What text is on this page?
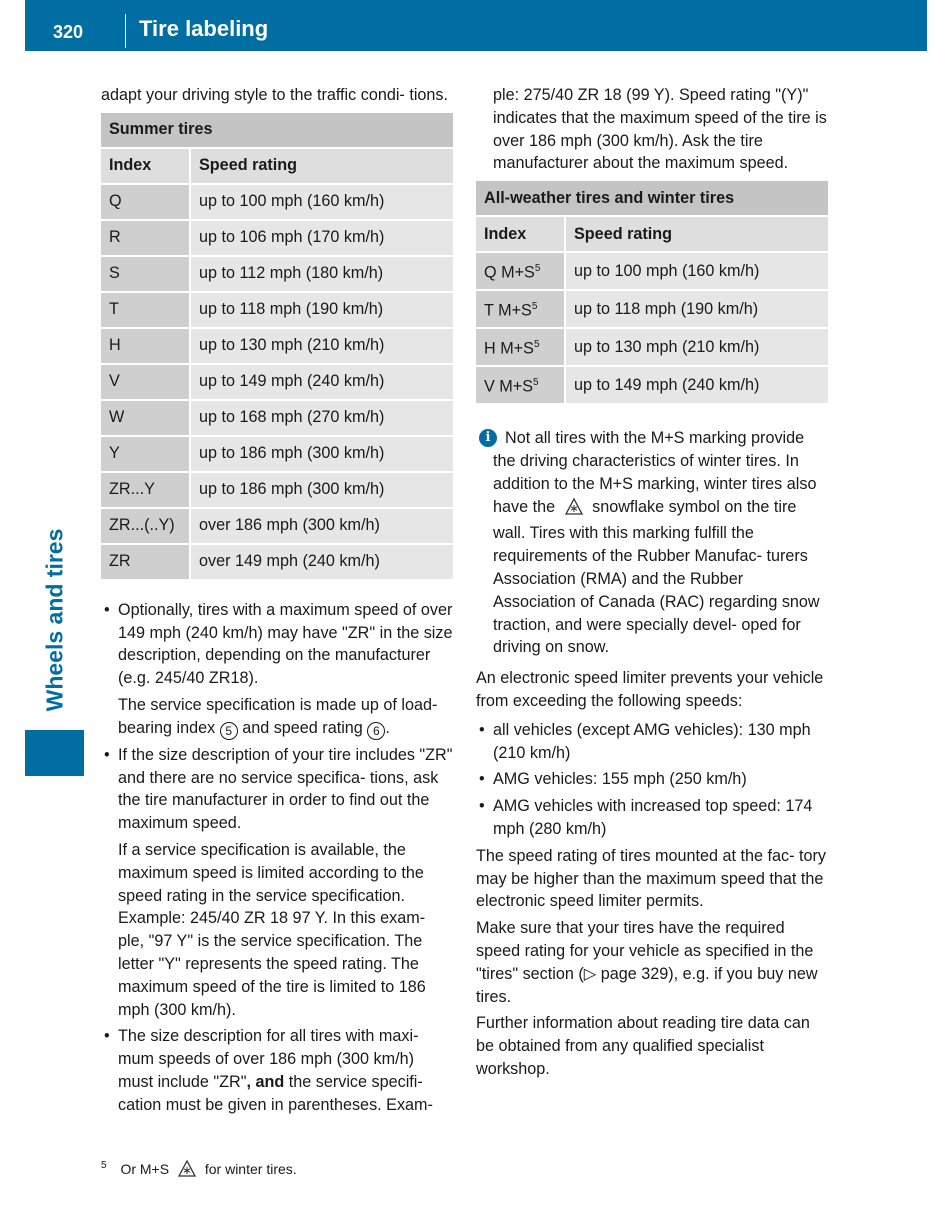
320	Tire labeling
Wheels and tires

adapt your driving style to the traffic condi- tions.

Summer tires	
Index	Speed rating
Q	up to 100 mph (160 km/h)
R	up to 106 mph (170 km/h)
S	up to 112 mph (180 km/h)
T	up to 118 mph (190 km/h)
H	up to 130 mph (210 km/h)
V	up to 149 mph (240 km/h)
W	up to 168 mph (270 km/h)
Y	up to 186 mph (300 km/h)
ZR...Y	up to 186 mph (300 km/h)
ZR...(..Y)	over 186 mph (300 km/h)
ZR	over 149 mph (240 km/h)
• Optionally, tires with a maximum speed of over 149 mph (240 km/h) may have "ZR" in the size description, depending on the manufacturer (e.g. 245/40 ZR18).
The service specification is made up of load-bearing index 5 and speed rating 6 .
• If the size description of your tire includes "ZR" and there are no service specifica- tions, ask the tire manufacturer in order to find out the maximum speed.
If a service specification is available, the maximum speed is limited according to the speed rating in the service specification. Example: 245/40 ZR 18 97 Y. In this exam- ple, "97 Y" is the service specification. The letter "Y" represents the speed rating. The maximum speed of the tire is limited to 186 mph (300 km/h).
• The size description for all tires with maxi- mum speeds of over 186 mph (300 km/h) must include "ZR", and the service specifi- cation must be given in parentheses. Exam-

ple: 275/40 ZR 18 (99 Y). Speed rating "(Y)" indicates that the maximum speed of the tire is over 186 mph (300 km/h). Ask the tire manufacturer about the maximum speed.

All-weather tires and winter tires	
Index	Speed rating
Q $M+S^5$	up to 100 mph (160 km/h)
T $M+S^5$	up to 118 mph (190 km/h)
H $M+S^5$	up to 130 mph (210 km/h)
V $M+S^5$	up to 149 mph (240 km/h)
i Not all tires with the M+S marking provide the driving characteristics of winter tires. In addition to the M+S marking, winter tires also have the snowflake symbol on the tire wall. Tires with this marking fulfill the requirements of the Rubber Manufac- turers Association (RMA) and the Rubber Association of Canada (RAC) regarding snow traction, and were specially devel- oped for driving on snow.

An electronic speed limiter prevents your vehicle from exceeding the following speeds:

• all vehicles (except AMG vehicles): 130 mph (210 km/h)
• AMG vehicles: 155 mph (250 km/h)
• AMG vehicles with increased top speed: 174 mph (280 km/h)

The speed rating of tires mounted at the fac- tory may be higher than the maximum speed that the electronic speed limiter permits.

Make sure that your tires have the required speed rating for your vehicle as specified in the "tires" section (▷ page 329), e.g. if you buy new tires.

Further information about reading tire data can be obtained from any qualified specialist workshop.

$^5$ Or M+S	for winter tires.
